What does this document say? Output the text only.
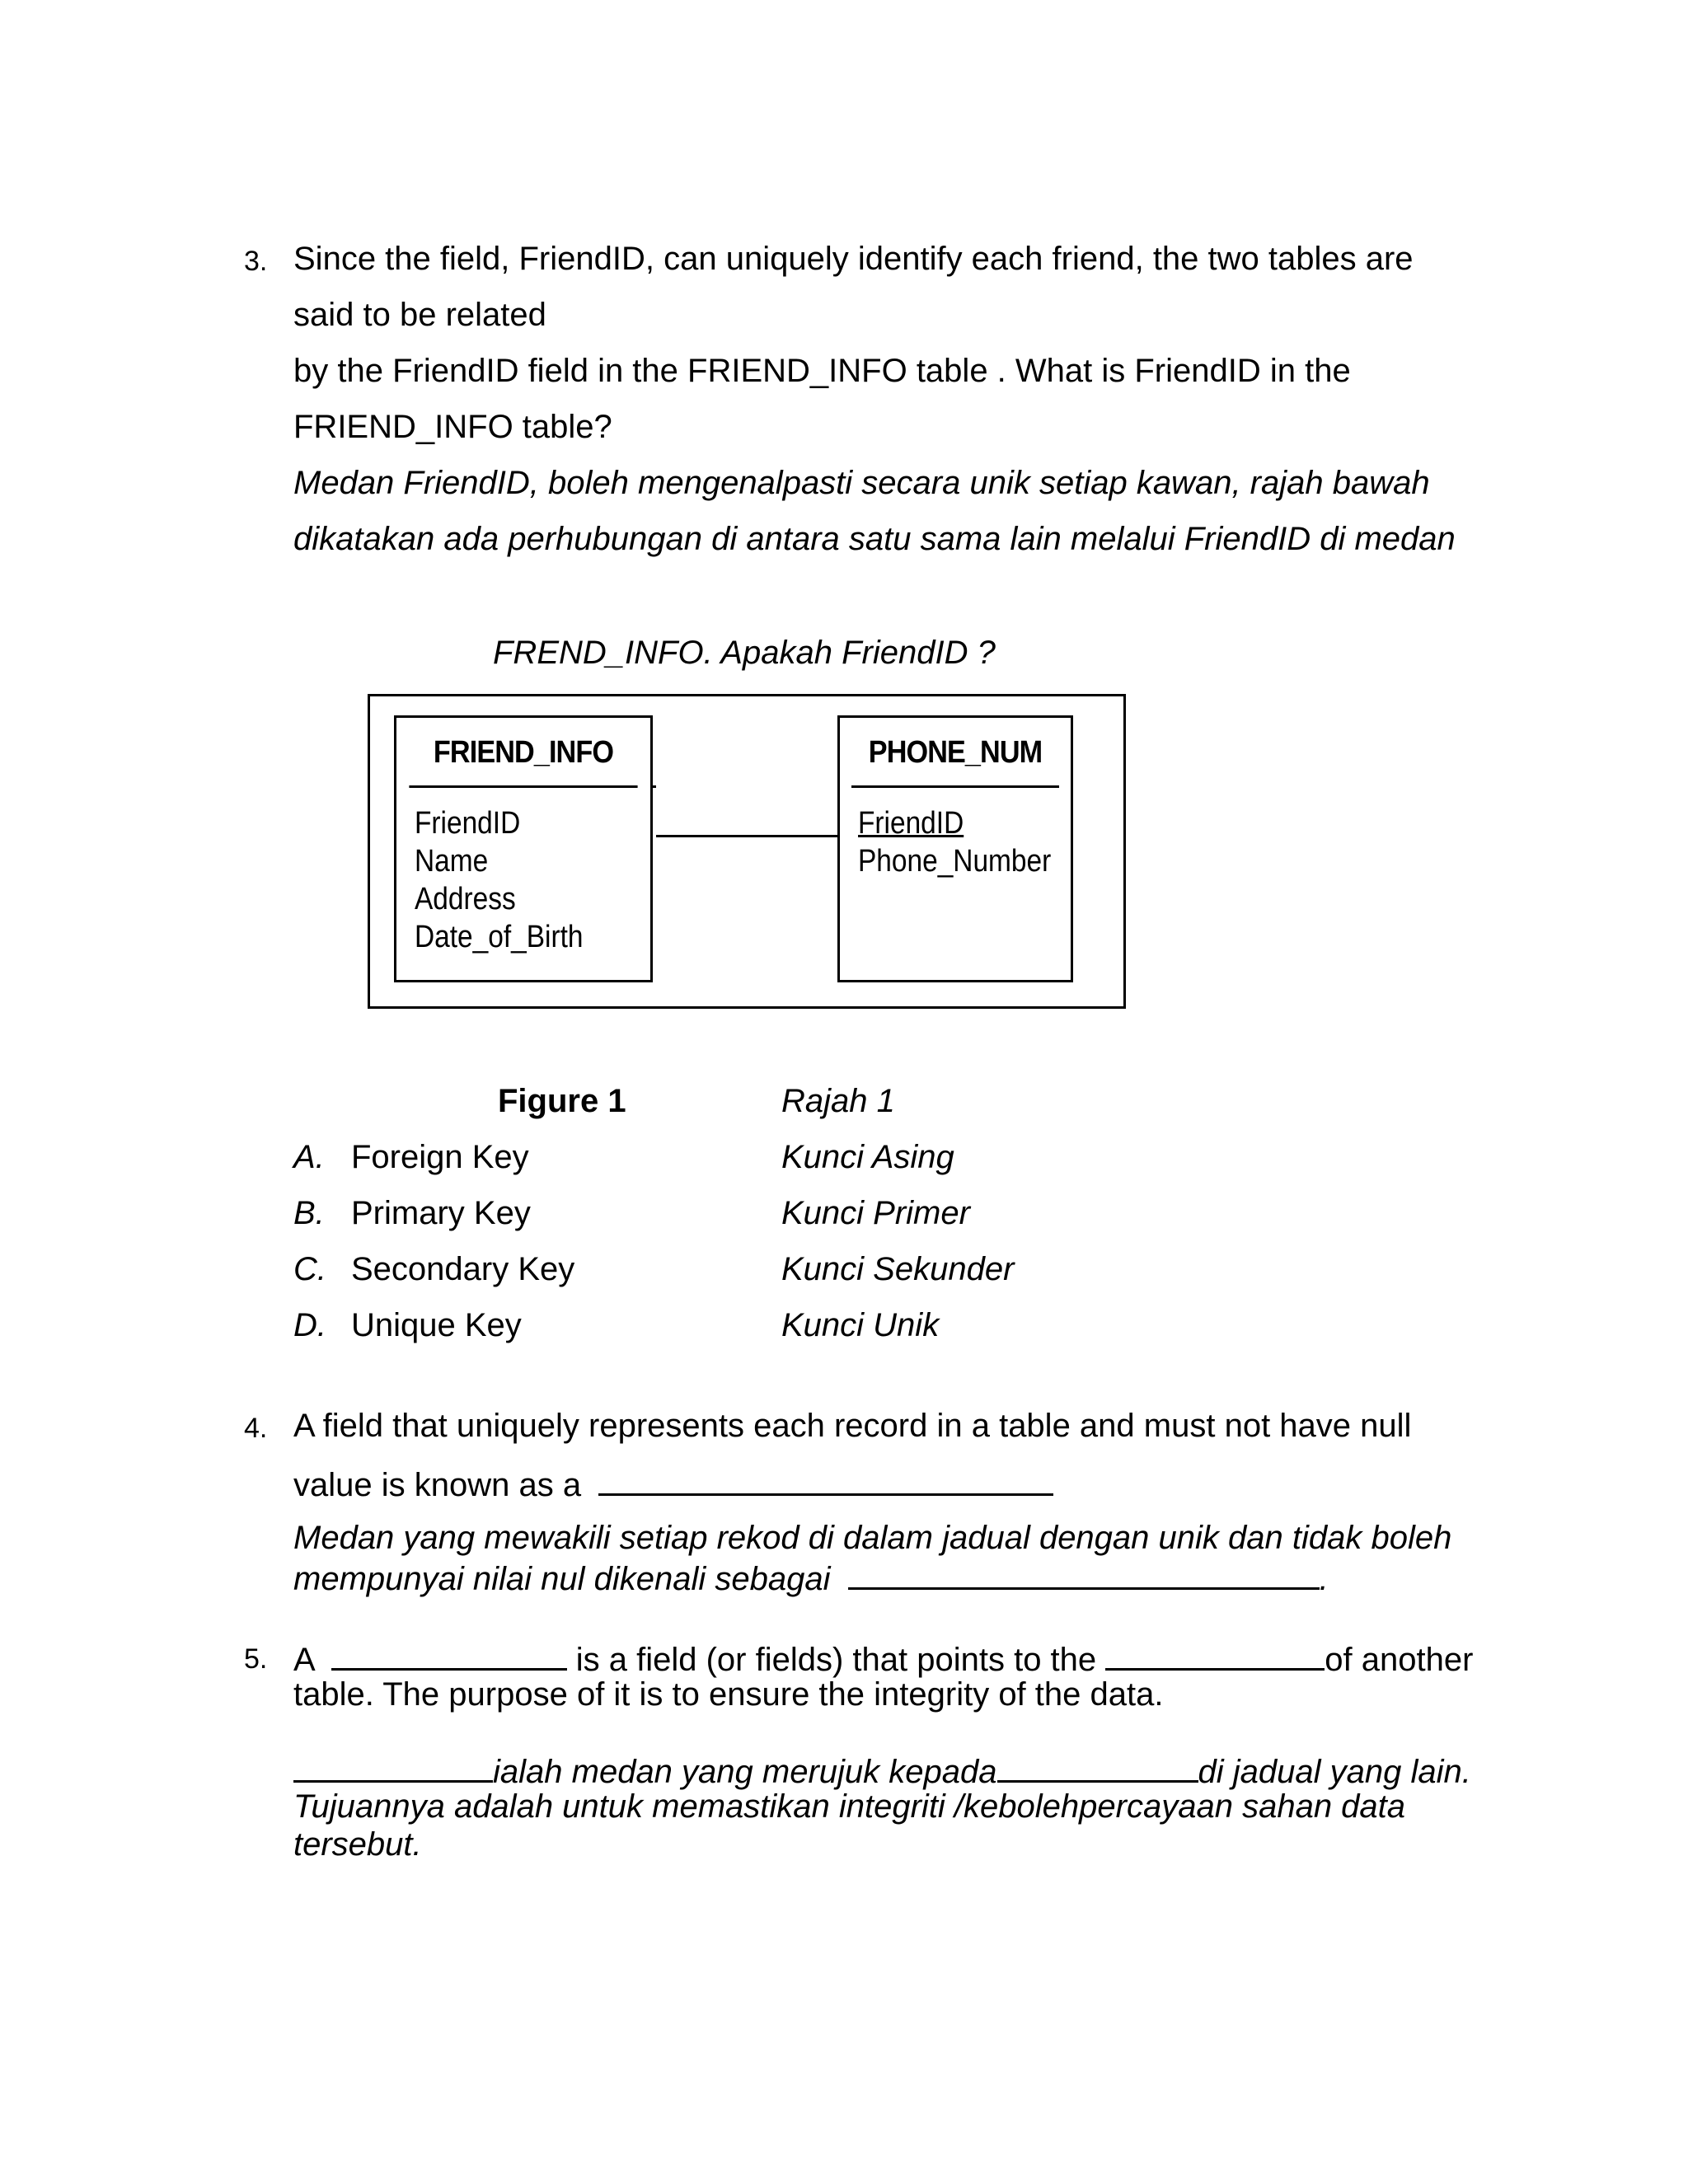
3. Since the field, FriendID, can uniquely identify each friend, the two tables are
said to be related
by the FriendID field in the FRIEND_INFO table . What is FriendID in the
FRIEND_INFO table?
Medan FriendID, boleh mengenalpasti secara unik setiap kawan, rajah bawah
dikatakan ada perhubungan di antara satu sama lain melalui FriendID di medan
FREND_INFO. Apakah FriendID ?
FRIEND_INFO
FriendID
Name
Address
Date_of_Birth
PHONE_NUM
FriendID
Phone_Number
Figure 1	Rajah 1
A. Foreign Key	Kunci Asing
B. Primary Key	Kunci Primer
C. Secondary Key	Kunci Sekunder
D. Unique Key	Kunci Unik
4. A field that uniquely represents each record in a table and must not have null
value is known as a
Medan yang mewakili setiap rekod di dalam jadual dengan unik dan tidak boleh
mempunyai nilai nul dikenali sebagai	.
5. A	is a field (or fields) that points to the	of another
table. The purpose of it is to ensure the integrity of the data.
ialah medan yang merujuk kepada	di jadual yang lain.
Tujuannya adalah untuk memastikan integriti /kebolehpercayaan sahan data
tersebut.
